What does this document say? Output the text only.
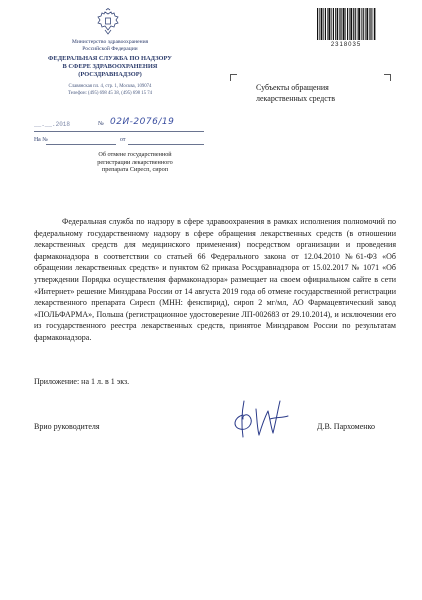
Министерство здравоохранения
Российской Федерации
ФЕДЕРАЛЬНАЯ СЛУЖБА ПО НАДЗОРУ
В СФЕРЕ ЗДРАВООХРАНЕНИЯ
(РОСЗДРАВНАДЗОР)
Славянская пл. 4, стр. 1, Москва, 109074
Телефон: (495) 698 45 38, (495) 698 15 74
__.__.2018	№ 02И-2076/19
На №	от
Об отмене государственной
регистрации лекарственного
препарата Сиресп, сироп
2318035
Субъекты обращения
лекарственных средств

Федеральная служба по надзору в сфере здравоохранения в рамках исполнения полномочий по федеральному государственному надзору в сфере обращения лекарственных средств (в отношении лекарственных средств для медицинского применения) посредством организации и проведения фармаконадзора в соответствии со статьей 66 Федерального закона от 12.04.2010 №61-ФЗ «Об обращении лекарственных средств» и пунктом 62 приказа Росздравнадзора от 15.02.2017 № 1071 «Об утверждении Порядка осуществления фармаконадзора» размещает на своем официальном сайте в сети «Интернет» решение Минздрава России от 14 августа 2019 года об отмене государственной регистрации лекарственного препарата Сиресп (МНН: фенспирид), сироп 2 мг/мл, АО Фармацевтический завод «ПОЛЬФАРМА», Польша (регистрационное удостоверение ЛП-002683 от 29.10.2014), и исключении его из государственного реестра лекарственных средств, принятое Минздравом России по результатам фармаконадзора.

Приложение: на 1 л. в 1 экз.
Врио руководителя	Д.В. Пархоменко
